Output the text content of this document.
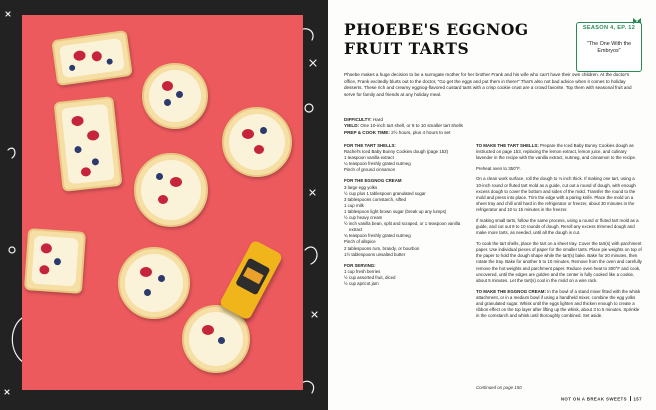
PHOEBE'S EGGNOG
FRUIT TARTS
SEASON 4, EP. 12
"The One With the Embryos"
Phoebe makes a huge decision to be a surrogate mother for her brother Frank and his wife who can't have their own children. At the doctor's office, Frank excitedly blurts out to the doctor, "Go get the eggs and put them in there!" That's also not bad advice when it comes to holiday desserts. These rich and creamy eggnog-flavored custard tarts with a crisp cookie crust are a crowd favorite. Top them with seasonal fruit and serve for family and friends at any holiday meal.
DIFFICULTY: Hard
YIELD: One 10-inch tart shell, or 8 to 10 smaller tart shells
PREP & COOK TIME: 2½ hours, plus 4 hours to set
FOR THE TART SHELLS:
Rachel's Iced Baby Bunny Cookies dough (page 153)
1 teaspoon vanilla extract
¼ teaspoon freshly grated nutmeg
Pinch of ground cinnamon
FOR THE EGGNOG CREAM
3 large egg yolks
½ cup plus 1 tablespoon granulated sugar
3 tablespoons cornstarch, sifted
1 cup milk
1 tablespoon light brown sugar (break up any lumps)
½ cup heavy cream
½ inch vanilla bean, split and scraped, or 1 teaspoon vanilla extract
¾ teaspoon freshly grated nutmeg
Pinch of allspice
2 tablespoons rum, brandy, or bourbon
1½ tablespoons unsalted butter
FOR SERVING:
1 cup fresh berries
½ cup assorted fruit, diced
½ cup apricot jam

TO MAKE THE TART SHELLS: Prepare the Iced Baby Bunny Cookies dough as instructed on page 153, replacing the lemon extract, lemon juice, and culinary lavender in the recipe with the vanilla extract, nutmeg, and cinnamon to the recipe.

Preheat oven to 350°F.

On a clean work surface, roll the dough to ⅛ inch thick. If making one tart, using a 10-inch round or fluted tart mold as a guide, cut out a round of dough, with enough excess dough to cover the bottom and sides of the mold. Transfer the round to the mold and press into place. Trim the edge with a paring knife. Place the mold on a sheet tray and chill until hard in the refrigerator or freezer, about 30 minutes in the refrigerator and 10 to 15 minutes in the freezer.

If making small tarts, follow the same process, using a round or fluted tart mold as a guide, and cut out 8 to 10 rounds of dough. Reroll any excess trimmed dough and make more tarts, as needed, until all the dough is cut.

To cook the tart shells, place the tart on a sheet tray. Cover the tart(s) with parchment paper. Use individual pieces of paper for the smaller tarts. Place pie weights on top of the paper to hold the dough shape while the tart(s) bake. Bake for 20 minutes, then rotate the tray. Bake for another 5 to 10 minutes. Remove from the oven and carefully remove the hot weights and parchment paper. Reduce oven heat to 300°F and cook, uncovered, until the edges are golden and the center is fully cooked like a cookie, about 5 minutes. Let the tart(s) cool in the mold on a wire rack.

TO MAKE THE EGGNOG CREAM: In the bowl of a stand mixer fitted with the whisk attachment, or in a medium bowl if using a handheld mixer, combine the egg yolks and granulated sugar. Whisk until the eggs lighten and thicken enough to create a ribbon effect on the top layer after lifting up the whisk, about 3 to 5 minutes. Sprinkle in the cornstarch and whisk until thoroughly combined. Set aside.

Continued on page 150
NOT ON A BREAK SWEETS 157
